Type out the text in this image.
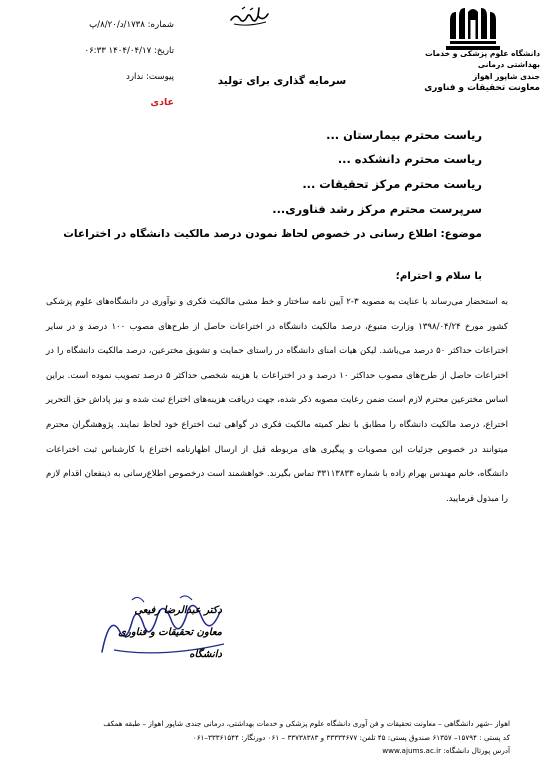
دانشگاه علوم پزشکی و خدمات بهداشتی درمانی
جندی شاپور اهواز
معاونت تحقیقات و فناوری
سرمایه گذاری برای تولید
شماره: ۱۷۳۸/د/۸/۲۰/پ
تاریخ: ۱۴۰۴/۰۴/۱۷ ۰۶:۳۳
پیوست: ندارد
عادی
ریاست محترم بیمارستان ...
ریاست محترم دانشکده ...
ریاست محترم مرکز تحقیقات ...
سرپرست محترم مرکز رشد فناوری...
موضوع: اطلاع رسانی در خصوص لحاظ نمودن درصد مالکیت دانشگاه در اختراعات
با سلام و احترام؛

به استحضار می‌رساند با عنایت به مصوبه ۳-۲ آیین نامه ساختار و خط مشی مالکیت فکری و نوآوری در دانشگاه‌های علوم پزشکی کشور مورخ ۱۳۹۸/۰۴/۲۴ وزارت متبوع، درصد مالکیت دانشگاه در اختراعات حاصل از طرح‌های مصوب ۱۰۰ درصد و در سایر اختراعات حداکثر ۵۰ درصد می‌باشد. لیکن هیات امنای دانشگاه در راستای حمایت و تشویق مخترعین، درصد مالکیت دانشگاه را در اختراعات حاصل از طرح‌های مصوب حداکثر ۱۰ درصد و در اختراعات با هزینه شخصی حداکثر ۵ درصد تصویب نموده است. براین اساس مخترعین محترم لازم است ضمن رعایت مصوبه ذکر شده، جهت دریافت هزینه‌های اختراع ثبت شده و نیز پاداش حق التحریر اختراع، درصد مالکیت دانشگاه را مطابق با نظر کمیته مالکیت فکری در گواهی ثبت اختراع خود لحاظ نمایند. پژوهشگران محترم میتوانند در خصوص جزئیات این مصوبات و پیگیری های مربوطه قبل از ارسال اظهارنامه اختراع با کارشناس ثبت اختراعات دانشگاه، خانم مهندس بهرام زاده با شماره ۳۳۱۱۳۸۳۳ تماس بگیرند. خواهشمند است درخصوص اطلاع‌رسانی به ذینفعان اقدام لازم را مبذول فرمایید.

دکتر عبدالرضا رفیعی
معاون تحقیقات و فناوری دانشگاه
اهواز –شهر دانشگاهی – معاونت تحقیقات و فن آوری دانشگاه علوم پزشکی و خدمات بهداشتی، درمانی جندی شاپور اهواز – طبقه همکف
کد پستی : ۱۵۷۹۴– ۶۱۳۵۷ صندوق پستی: ۴۵ تلفن: ۳۳۳۳۴۶۷۷ و ۳۳۷۳۸۳۸۳ – ۰۶۱ دورنگار: ۳۳۳۶۱۵۴۴–۰۶۱
آدرس پورتال دانشگاه: www.ajums.ac.ir
